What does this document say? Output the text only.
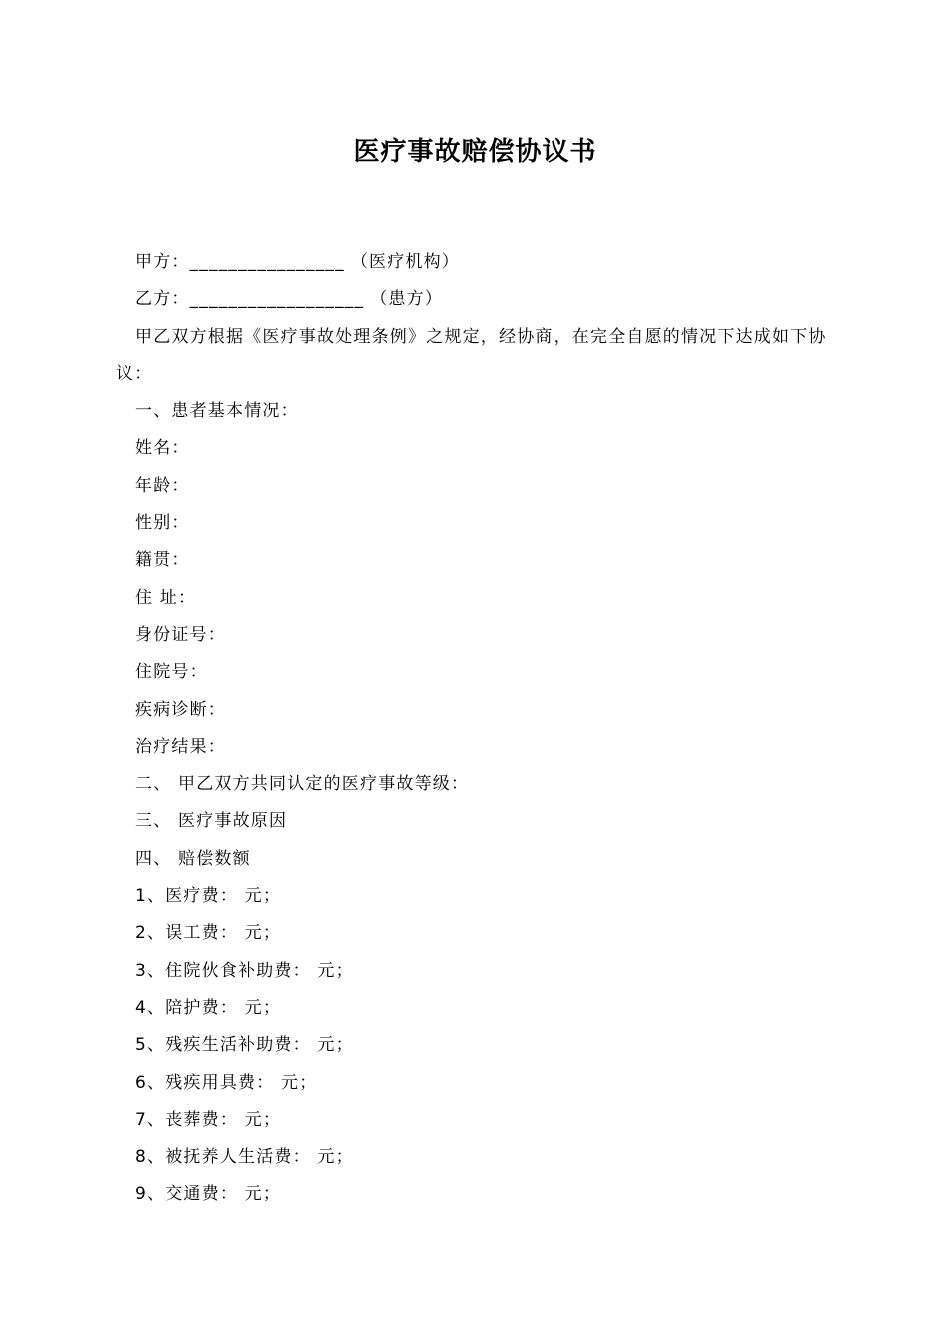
医疗事故赔偿协议书
甲方：________________ （医疗机构）
乙方：__________________ （患方）
甲乙双方根据《医疗事故处理条例》之规定，经协商，在完全自愿的情况下达成如下协议：
一、患者基本情况：
姓名：
年龄：
性别：
籍贯：
住 址：
身份证号：
住院号：
疾病诊断：
治疗结果：
二、 甲乙双方共同认定的医疗事故等级：
三、 医疗事故原因
四、 赔偿数额
1、医疗费： 元；
2、误工费： 元；
3、住院伙食补助费： 元；
4、陪护费： 元；
5、残疾生活补助费： 元；
6、残疾用具费： 元；
7、丧葬费： 元；
8、被抚养人生活费： 元；
9、交通费： 元；
